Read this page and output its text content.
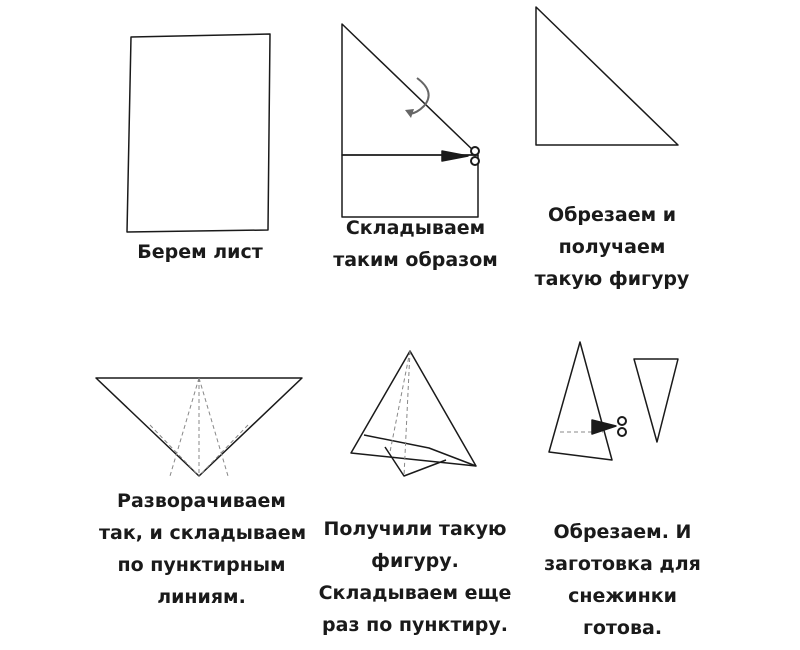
Берем лист
Складываем
таким образом
Обрезаем и
получаем
такую фигуру
Разворачиваем
так, и складываем
по пунктирным
линиям.
Получили такую
фигуру.
Складываем еще
раз по пунктиру.
Обрезаем. И
заготовка для
снежинки
готова.
